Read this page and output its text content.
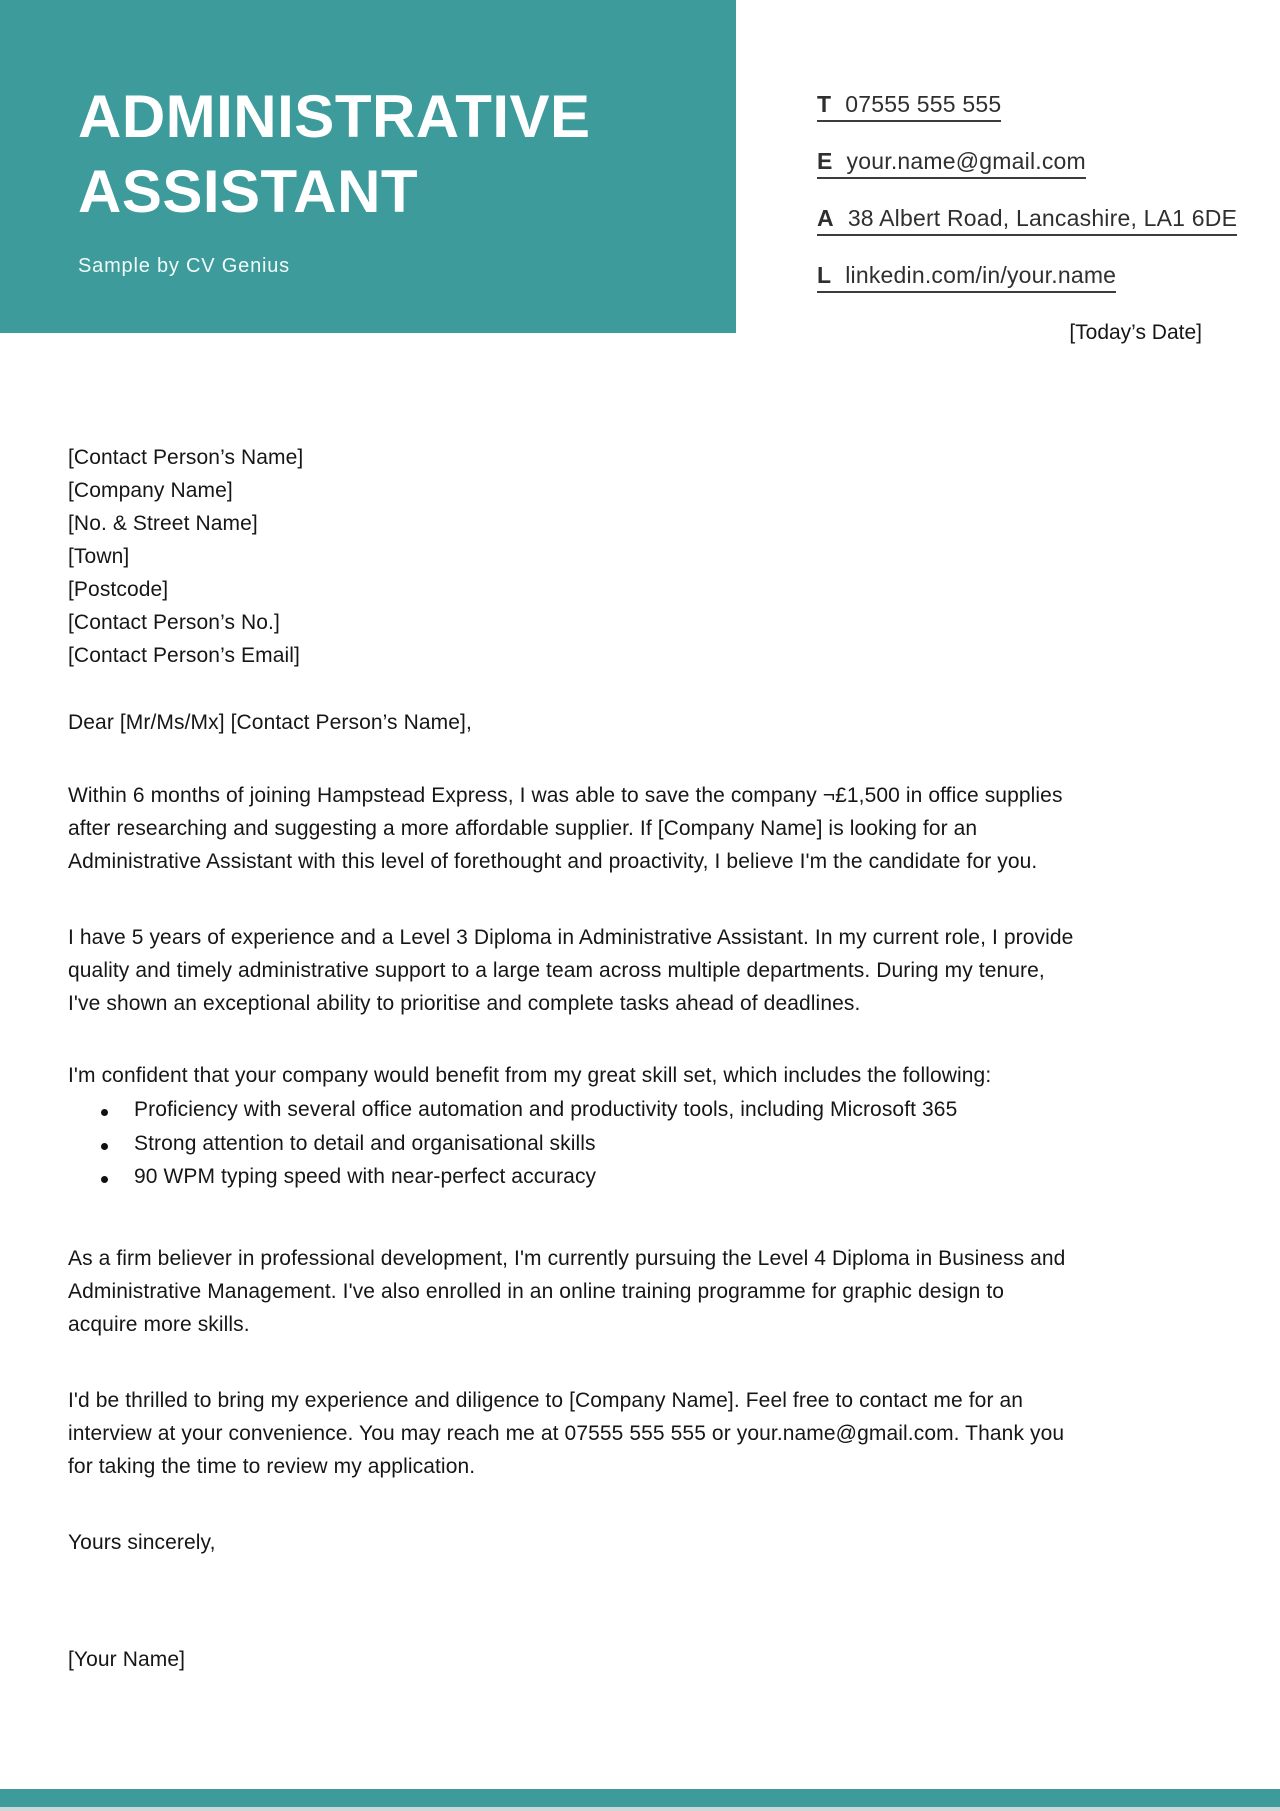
ADMINISTRATIVE
ASSISTANT
Sample by CV Genius
T 07555 555 555
E your.name@gmail.com
A 38 Albert Road, Lancashire, LA1 6DE
L linkedin.com/in/your.name
[Today’s Date]
[Contact Person’s Name]
[Company Name]
[No. & Street Name]
[Town]
[Postcode]
[Contact Person’s No.]
[Contact Person’s Email]
Dear [Mr/Ms/Mx] [Contact Person’s Name],
Within 6 months of joining Hampstead Express, I was able to save the company ¬£1,500 in office supplies
after researching and suggesting a more affordable supplier. If [Company Name] is looking for an
Administrative Assistant with this level of forethought and proactivity, I believe I'm the candidate for you.
I have 5 years of experience and a Level 3 Diploma in Administrative Assistant. In my current role, I provide
quality and timely administrative support to a large team across multiple departments. During my tenure,
I've shown an exceptional ability to prioritise and complete tasks ahead of deadlines.
I'm confident that your company would benefit from my great skill set, which includes the following:
Proficiency with several office automation and productivity tools, including Microsoft 365
Strong attention to detail and organisational skills
90 WPM typing speed with near-perfect accuracy
As a firm believer in professional development, I'm currently pursuing the Level 4 Diploma in Business and
Administrative Management. I've also enrolled in an online training programme for graphic design to
acquire more skills.
I'd be thrilled to bring my experience and diligence to [Company Name]. Feel free to contact me for an
interview at your convenience. You may reach me at 07555 555 555 or your.name@gmail.com. Thank you
for taking the time to review my application.
Yours sincerely,
[Your Name]
